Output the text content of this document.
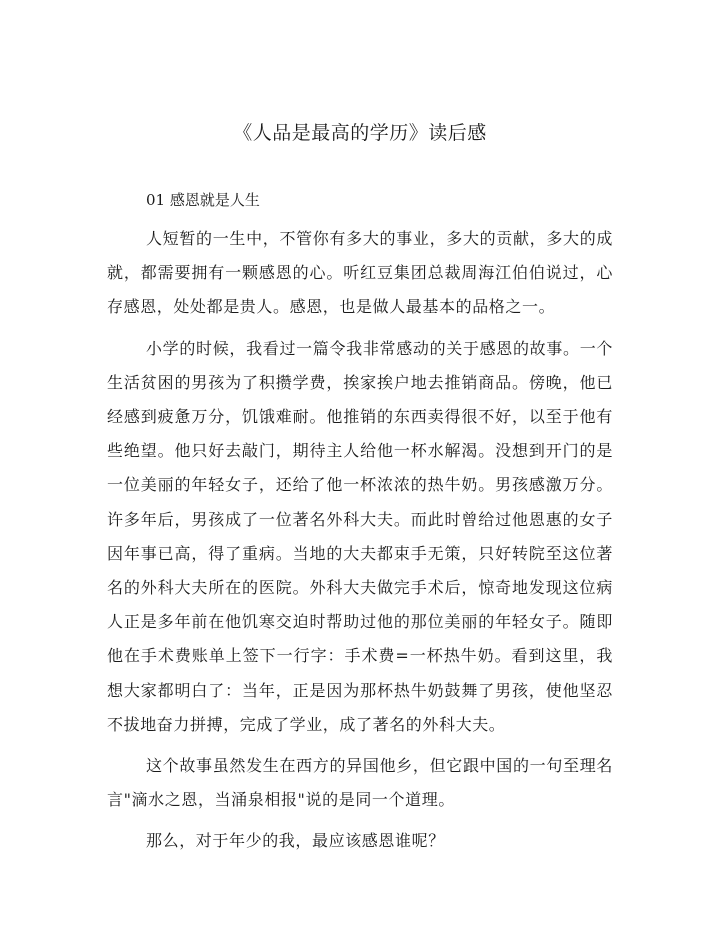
《人品是最高的学历》读后感
01 感恩就是人生

人短暂的一生中，不管你有多大的事业，多大的贡献，多大的成就，都需要拥有一颗感恩的心。听红豆集团总裁周海江伯伯说过，心存感恩，处处都是贵人。感恩，也是做人最基本的品格之一。

小学的时候，我看过一篇令我非常感动的关于感恩的故事。一个生活贫困的男孩为了积攒学费，挨家挨户地去推销商品。傍晚，他已经感到疲惫万分，饥饿难耐。他推销的东西卖得很不好，以至于他有些绝望。他只好去敲门，期待主人给他一杯水解渴。没想到开门的是一位美丽的年轻女子，还给了他一杯浓浓的热牛奶。男孩感激万分。许多年后，男孩成了一位著名外科大夫。而此时曾给过他恩惠的女子因年事已高，得了重病。当地的大夫都束手无策，只好转院至这位著名的外科大夫所在的医院。外科大夫做完手术后，惊奇地发现这位病人正是多年前在他饥寒交迫时帮助过他的那位美丽的年轻女子。随即他在手术费账单上签下一行字：手术费=一杯热牛奶。看到这里，我想大家都明白了：当年，正是因为那杯热牛奶鼓舞了男孩，使他坚忍不拔地奋力拼搏，完成了学业，成了著名的外科大夫。

这个故事虽然发生在西方的异国他乡，但它跟中国的一句至理名言"滴水之恩，当涌泉相报"说的是同一个道理。

那么，对于年少的我，最应该感恩谁呢？
